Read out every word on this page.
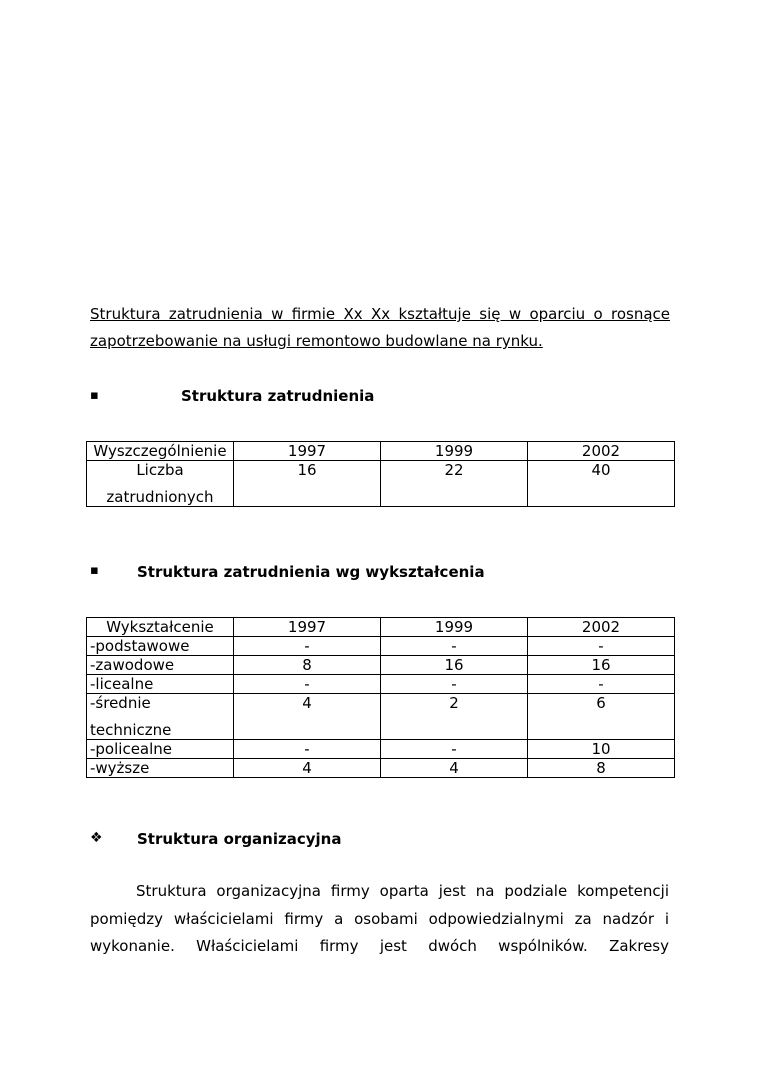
Struktura zatrudnienia w firmie Xx Xx kształtuje się w oparciu o rosnące
zapotrzebowanie na usługi remontowo budowlane na rynku.

▪	Struktura zatrudnienia
Wyszczególnienie	1997	1999	2002

Liczba
zatrudnionych	16	22	40
▪	Struktura zatrudnienia wg wykształcenia
Wykształcenie	1997	1999	2002
-podstawowe	-	-	-
-zawodowe	8	16	16
-licealne	-	-	-

-średnie
techniczne	4	2	6
-policealne	-	-	10
-wyższe	4	4	8
❖ Struktura organizacyjna

Struktura organizacyjna firmy oparta jest na podziale kompetencji
pomiędzy właścicielami firmy a osobami odpowiedzialnymi za nadzór i
wykonanie. Właścicielami firmy jest dwóch wspólników. Zakresy
